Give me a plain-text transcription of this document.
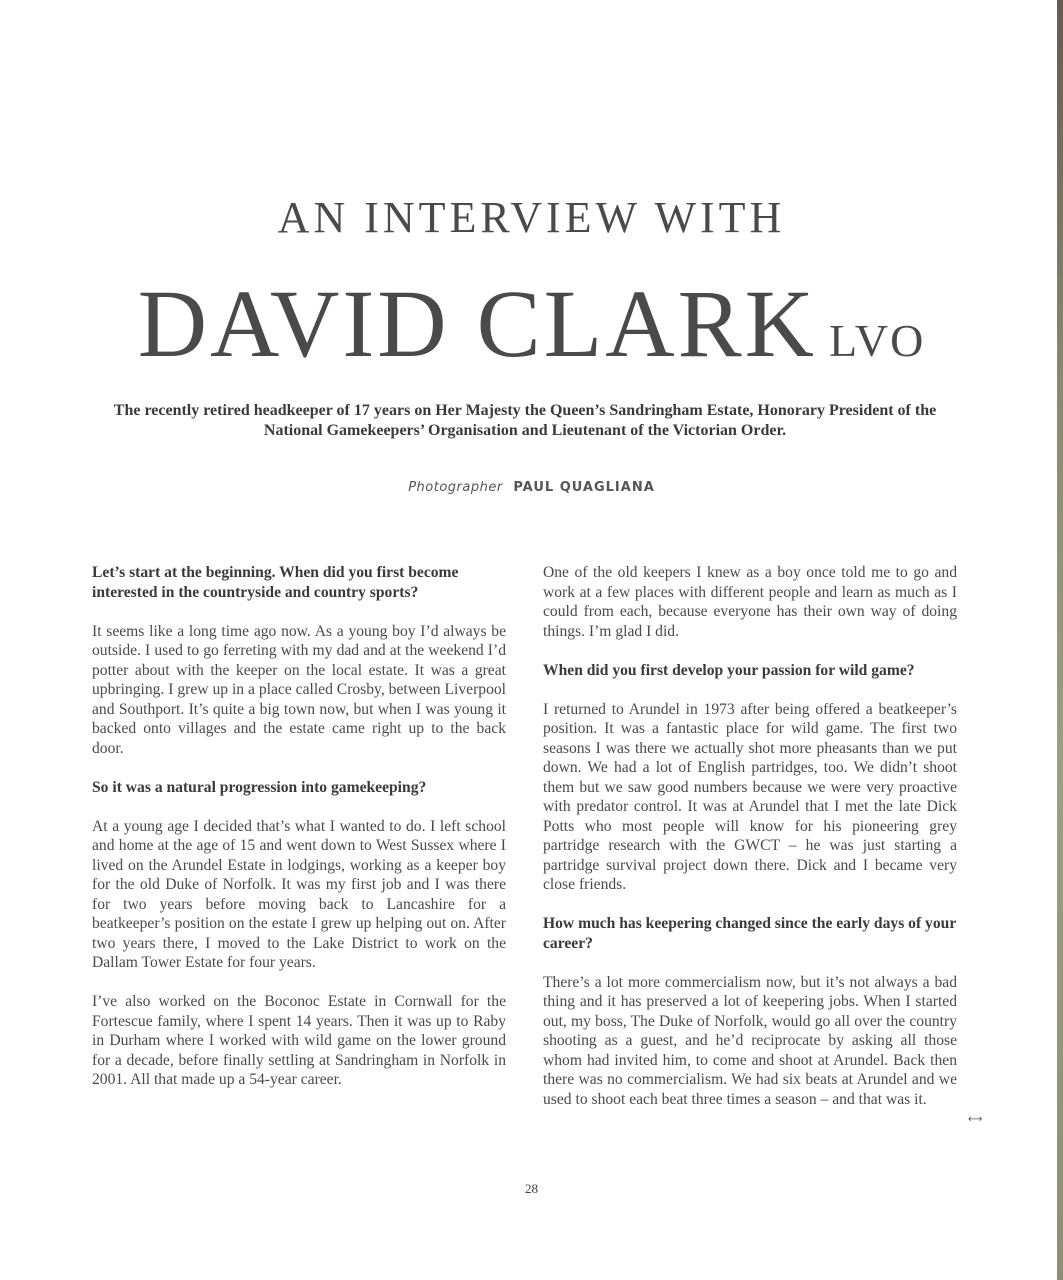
AN INTERVIEW WITH
DAVID CLARK LVO
The recently retired headkeeper of 17 years on Her Majesty the Queen’s Sandringham Estate, Honorary President of the National Gamekeepers’ Organisation and Lieutenant of the Victorian Order.
Photographer PAUL QUAGLIANA

Let’s start at the beginning. When did you first become interested in the countryside and country sports?

It seems like a long time ago now. As a young boy I’d always be outside. I used to go ferreting with my dad and at the weekend I’d potter about with the keeper on the local estate. It was a great upbringing. I grew up in a place called Crosby, between Liverpool and Southport. It’s quite a big town now, but when I was young it backed onto villages and the estate came right up to the back door.

So it was a natural progression into gamekeeping?

At a young age I decided that’s what I wanted to do. I left school and home at the age of 15 and went down to West Sussex where I lived on the Arundel Estate in lodgings, working as a keeper boy for the old Duke of Norfolk. It was my first job and I was there for two years before moving back to Lancashire for a beatkeeper’s position on the estate I grew up helping out on. After two years there, I moved to the Lake District to work on the Dallam Tower Estate for four years.

I’ve also worked on the Boconoc Estate in Cornwall for the Fortescue family, where I spent 14 years. Then it was up to Raby in Durham where I worked with wild game on the lower ground for a decade, before finally settling at Sandringham in Norfolk in 2001. All that made up a 54-year career.

One of the old keepers I knew as a boy once told me to go and work at a few places with different people and learn as much as I could from each, because everyone has their own way of doing things. I’m glad I did.

When did you first develop your passion for wild game?

I returned to Arundel in 1973 after being offered a beatkeeper’s position. It was a fantastic place for wild game. The first two seasons I was there we actually shot more pheasants than we put down. We had a lot of English partridges, too. We didn’t shoot them but we saw good numbers because we were very proactive with predator control. It was at Arundel that I met the late Dick Potts who most people will know for his pioneering grey partridge research with the GWCT – he was just starting a partridge survival project down there. Dick and I became very close friends.

How much has keepering changed since the early days of your career?

There’s a lot more commercialism now, but it’s not always a bad thing and it has preserved a lot of keepering jobs. When I started out, my boss, The Duke of Norfolk, would go all over the country shooting as a guest, and he’d reciprocate by asking all those whom had invited him, to come and shoot at Arundel. Back then there was no commercialism. We had six beats at Arundel and we used to shoot each beat three times a season – and that was it.

⟷
28
